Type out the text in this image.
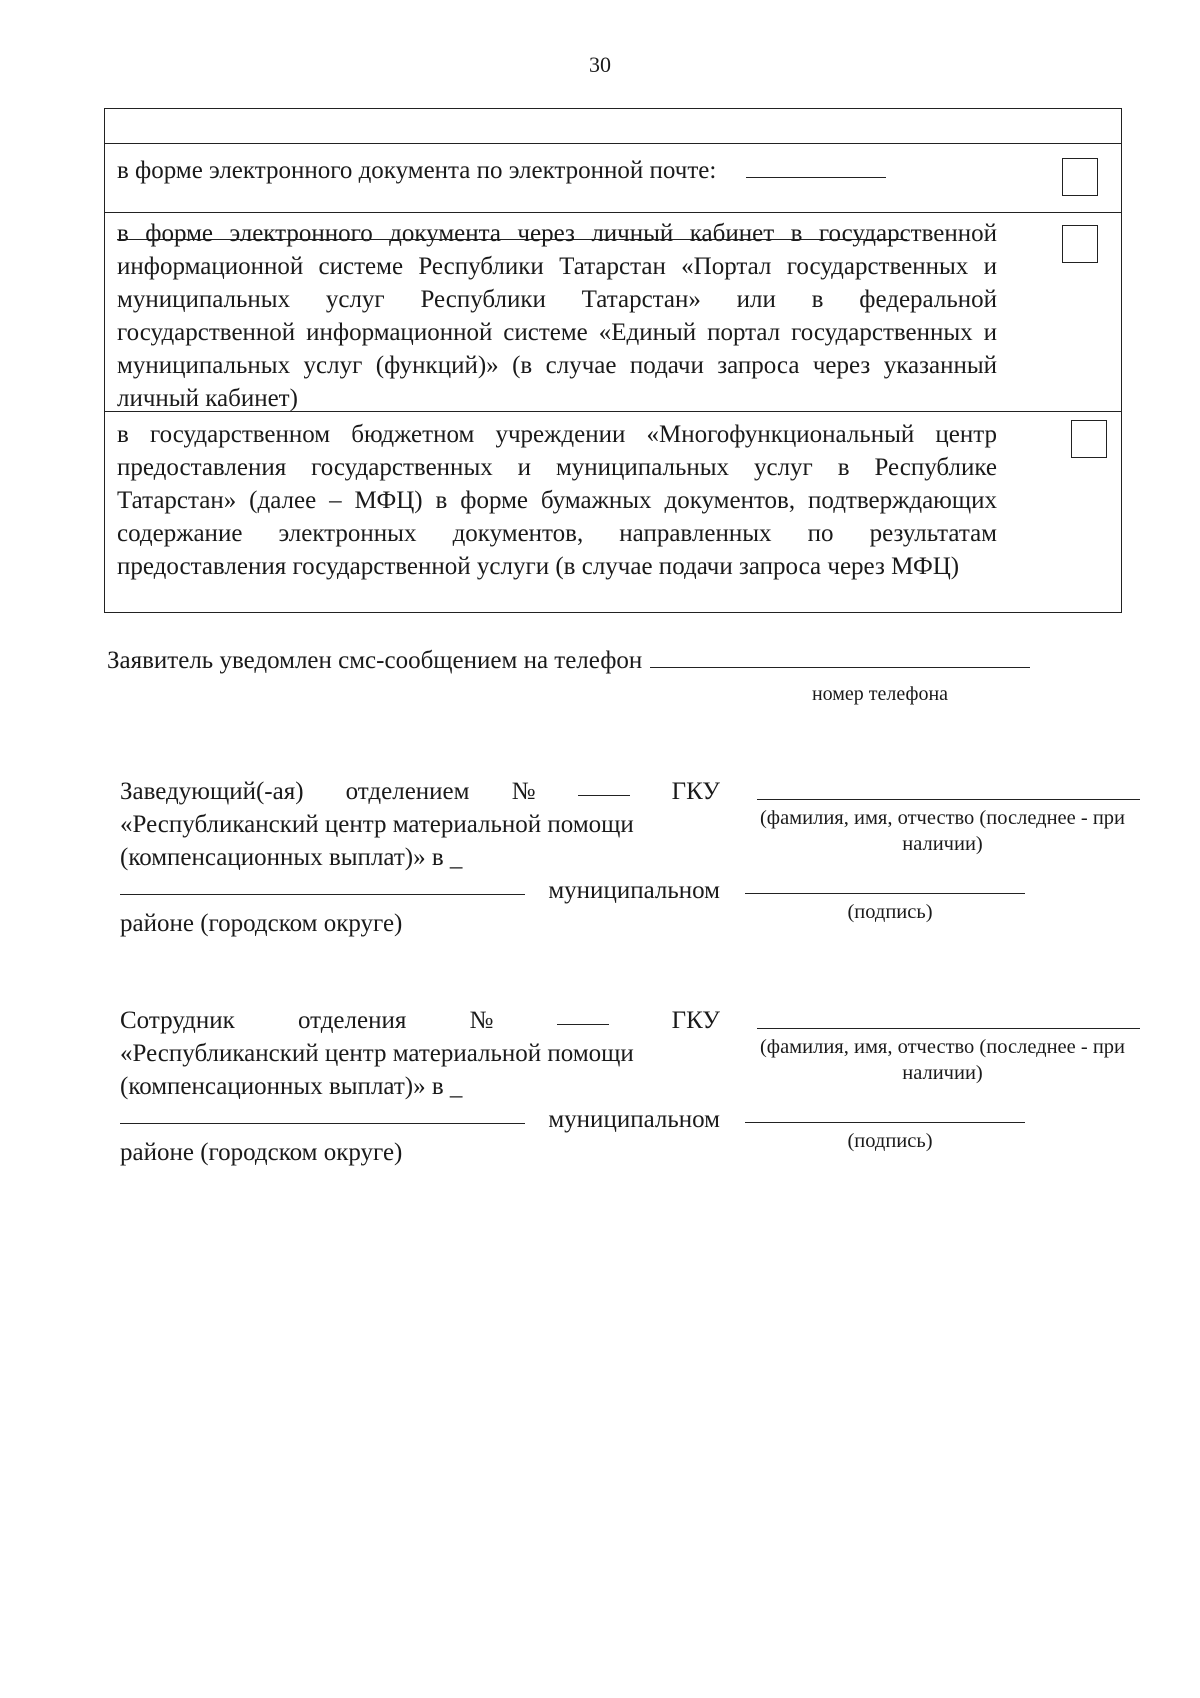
30
в форме электронного документа по электронной почте:
в форме электронного документа через личный кабинет в государственной информационной системе Республики Татарстан «Портал государственных и муниципальных услуг Республики Татарстан» или в федеральной государственной информационной системе «Единый портал государственных и муниципальных услуг (функций)» (в случае подачи запроса через указанный личный кабинет)
в государственном бюджетном учреждении «Многофункциональный центр предоставления государственных и муниципальных услуг в Республике Татарстан» (далее – МФЦ) в форме бумажных документов, подтверждающих содержание электронных документов, направленных по результатам предоставления государственной услуги (в случае подачи запроса через МФЦ)
Заявитель уведомлен смс-сообщением на телефон
номер телефона
Заведующий(-ая) отделением №	ГКУ
«Республиканский центр материальной помощи
(компенсационных выплат)» в _
муниципальном
районе (городском округе)
(фамилия, имя, отчество (последнее - при наличии)
(подпись)
Сотрудник	отделения	№	ГКУ
«Республиканский центр материальной помощи
(компенсационных выплат)» в _
муниципальном
районе (городском округе)
(фамилия, имя, отчество (последнее - при наличии)
(подпись)
